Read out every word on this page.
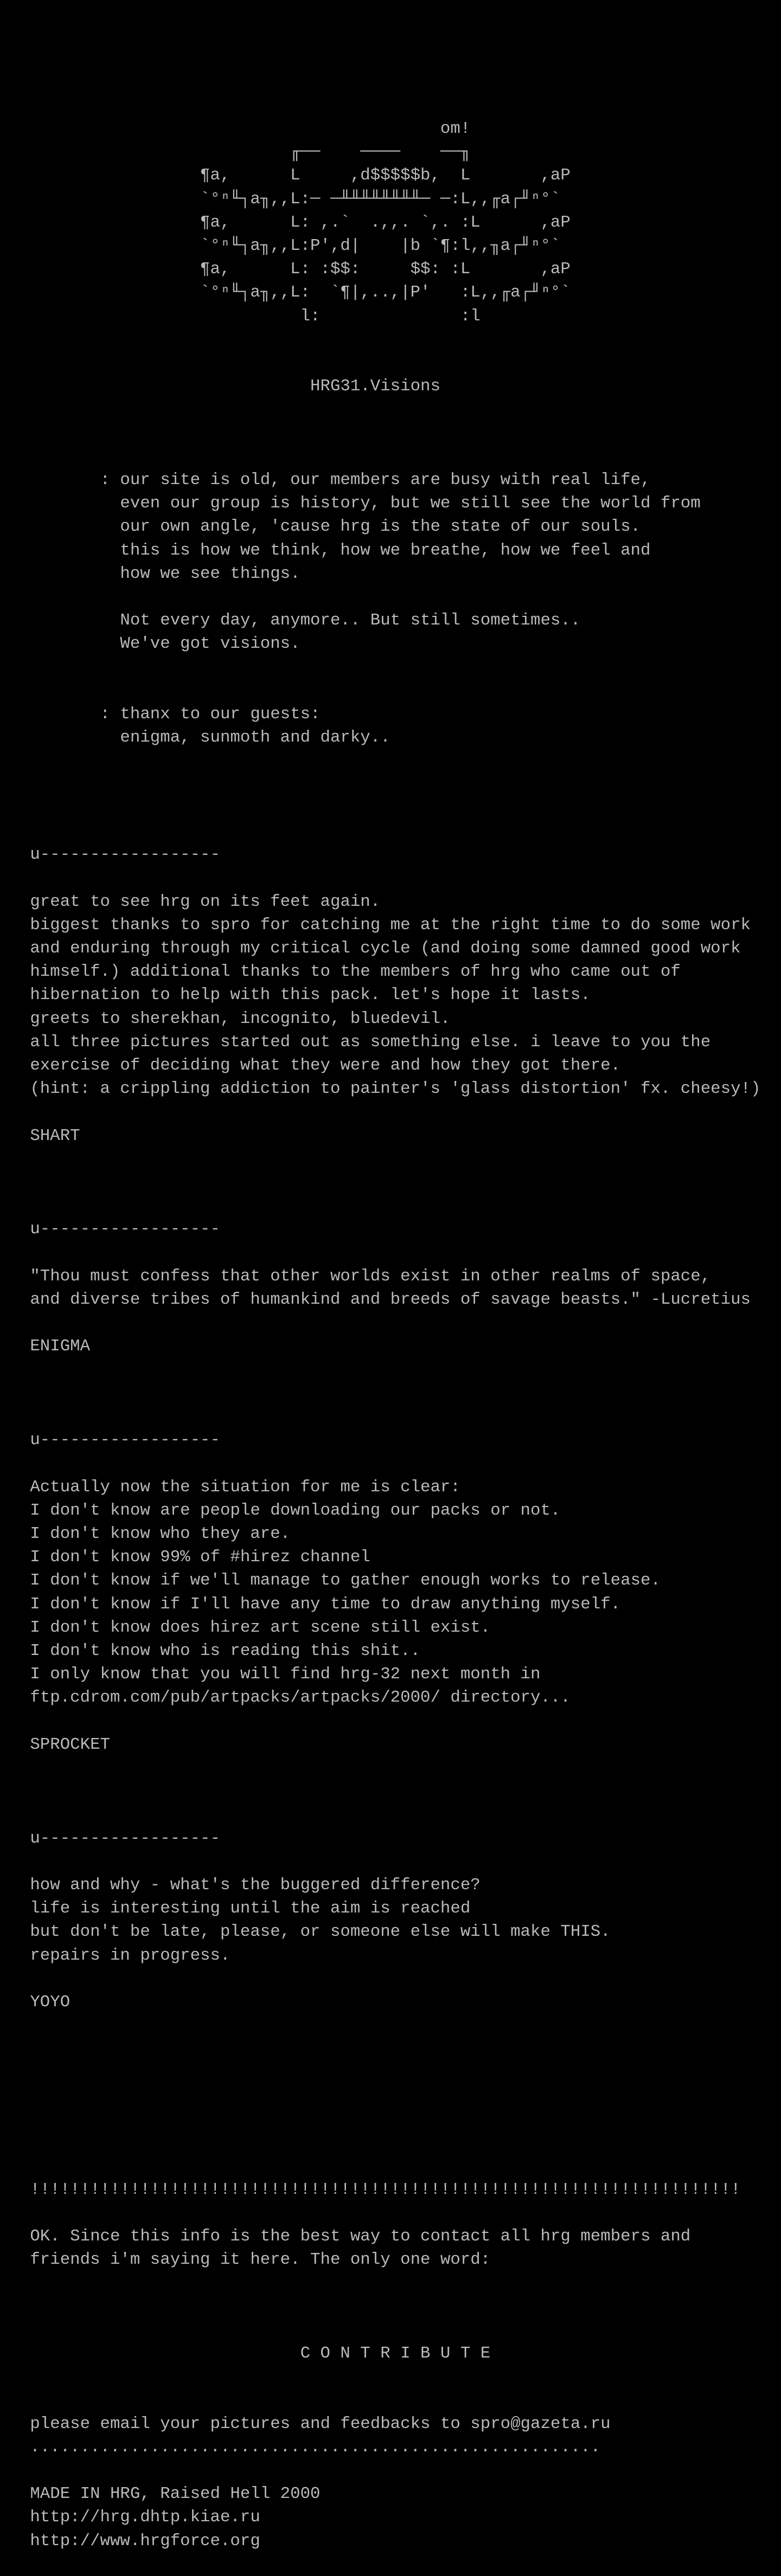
om!
╓──    ────    ──╖
¶a,      L     ,d$$$$$b,  L       ,aP
`°ⁿ╙┐a╖,,L:─ ─╨╨╨╨╨╨╨╨─ ─:L,,╓a┌╜ⁿ°`
¶a,      L: ,.`  .,,. `,. :L      ,aP
`°ⁿ╙┐a╖,,L:P',d|    |b `¶:l,,╖a┌╜ⁿ°`
¶a,      L: :$$:     $$: :L       ,aP
`°ⁿ╙┐a╖,,L:  `¶|,..,|P'   :L,,╓a┌╜ⁿ°`
l:              :l
HRG31.Visions
: our site is old, our members are busy with real life,
even our group is history, but we still see the world from
our own angle, 'cause hrg is the state of our souls.
this is how we think, how we breathe, how we feel and
how we see things.
Not every day, anymore.. But still sometimes..
We've got visions.
: thanx to our guests:
enigma, sunmoth and darky..
u------------------
great to see hrg on its feet again.
biggest thanks to spro for catching me at the right time to do some work
and enduring through my critical cycle (and doing some damned good work
himself.) additional thanks to the members of hrg who came out of
hibernation to help with this pack. let's hope it lasts.
greets to sherekhan, incognito, bluedevil.
all three pictures started out as something else. i leave to you the
exercise of deciding what they were and how they got there.
(hint: a crippling addiction to painter's 'glass distortion' fx. cheesy!)
SHART
u------------------
"Thou must confess that other worlds exist in other realms of space,
and diverse tribes of humankind and breeds of savage beasts." -Lucretius
ENIGMA
u------------------
Actually now the situation for me is clear:
I don't know are people downloading our packs or not.
I don't know who they are.
I don't know 99% of #hirez channel
I don't know if we'll manage to gather enough works to release.
I don't know if I'll have any time to draw anything myself.
I don't know does hirez art scene still exist.
I don't know who is reading this shit..
I only know that you will find hrg-32 next month in
ftp.cdrom.com/pub/artpacks/artpacks/2000/ directory...
SPROCKET
u------------------
how and why - what's the buggered difference?
life is interesting until the aim is reached
but don't be late, please, or someone else will make THIS.
repairs in progress.
YOYO
!!!!!!!!!!!!!!!!!!!!!!!!!!!!!!!!!!!!!!!!!!!!!!!!!!!!!!!!!!!!!!!!!!!!!!!
OK. Since this info is the best way to contact all hrg members and
friends i'm saying it here. The only one word:
C O N T R I B U T E
please email your pictures and feedbacks to spro@gazeta.ru
.........................................................
MADE IN HRG, Raised Hell 2000
http://hrg.dhtp.kiae.ru
http://www.hrgforce.org
